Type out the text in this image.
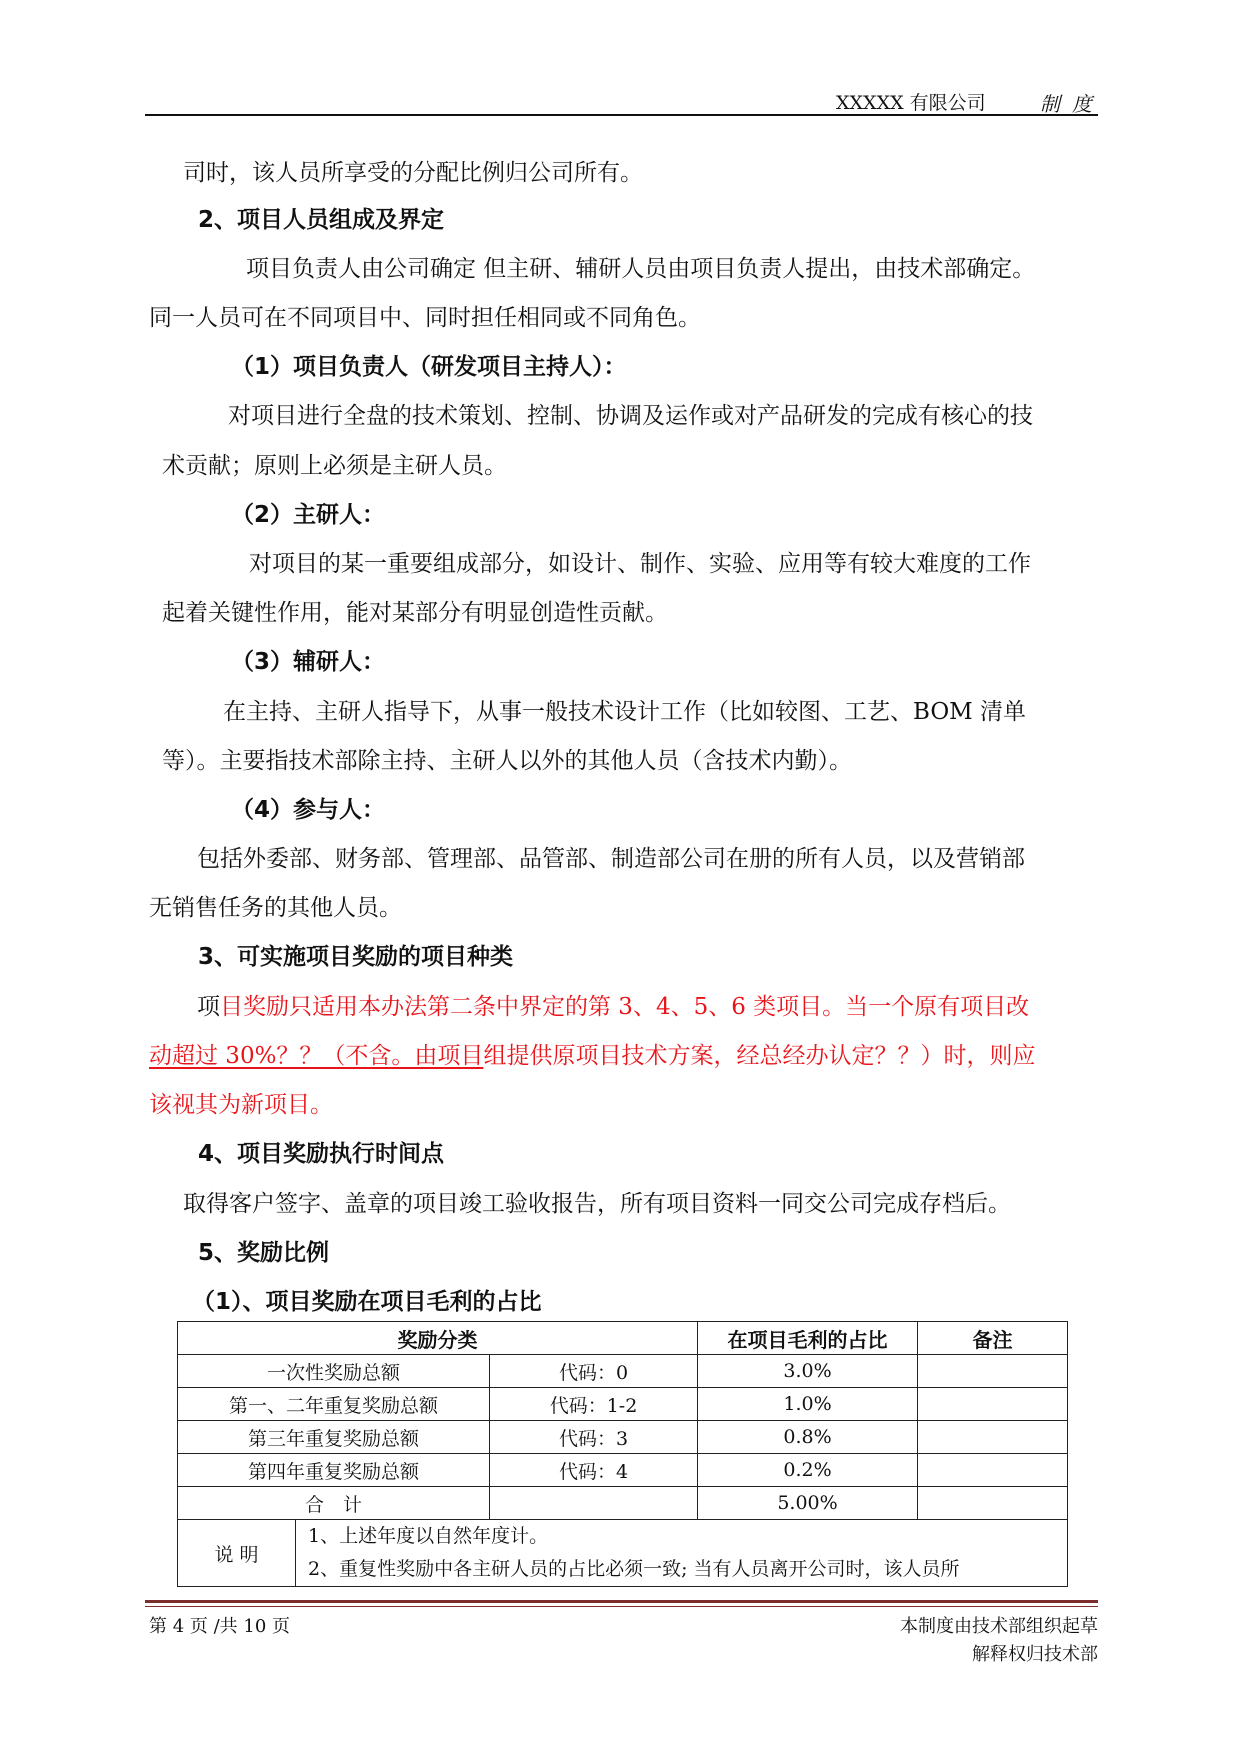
XXXXX 有限公司	制度
司时，该人员所享受的分配比例归公司所有。
2、项目人员组成及界定
项目负责人由公司确定 但主研、辅研人员由项目负责人提出，由技术部确定。
同一人员可在不同项目中、同时担任相同或不同角色。
（1）项目负责人（研发项目主持人）：
对项目进行全盘的技术策划、控制、协调及运作或对产品研发的完成有核心的技
术贡献；原则上必须是主研人员。
（2）主研人：
对项目的某一重要组成部分，如设计、制作、实验、应用等有较大难度的工作
起着关键性作用，能对某部分有明显创造性贡献。
（3）辅研人：
在主持、主研人指导下，从事一般技术设计工作（比如较图、工艺、BOM 清单
等）。主要指技术部除主持、主研人以外的其他人员（含技术内勤）。
（4）参与人：
包括外委部、财务部、管理部、品管部、制造部公司在册的所有人员，以及营销部
无销售任务的其他人员。
3、可实施项目奖励的项目种类
项目奖励只适用本办法第二条中界定的第 3、4、5、6 类项目。当一个原有项目改
动超过 30%？？（不含。由项目组提供原项目技术方案，经总经办认定？？）时，则应
该视其为新项目。
4、项目奖励执行时间点
取得客户签字、盖章的项目竣工验收报告，所有项目资料一同交公司完成存档后。
5、奖励比例
（1）、项目奖励在项目毛利的占比
奖励分类			在项目毛利的占比	备注
一次性奖励总额		代码：0	3.0%	
第一、二年重复奖励总额		代码：1-2	1.0%	
第三年重复奖励总额		代码：3	0.8%	
第四年重复奖励总额		代码：4	0.2%	
合　计			5.00%	
说 明	1、上述年度以自然年度计。
2、重复性奖励中各主研人员的占比必须一致; 当有人员离开公司时，该人员所			
第 4 页 /共 10 页	本制度由技术部组织起草
解释权归技术部
